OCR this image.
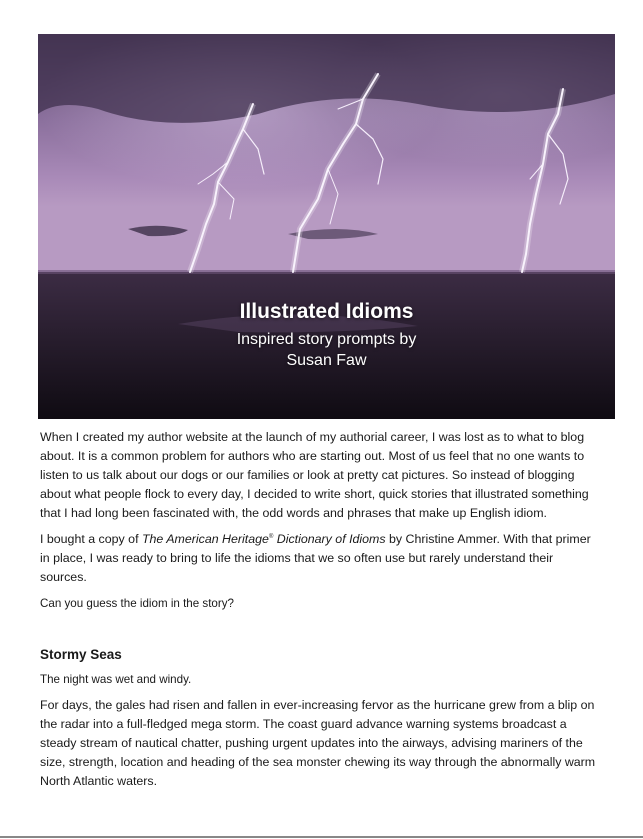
Illustrated Idioms
Inspired story prompts by
Susan Faw

When I created my author website at the launch of my authorial career, I was lost as to what to blog about. It is a common problem for authors who are starting out. Most of us feel that no one wants to listen to us talk about our dogs or our families or look at pretty cat pictures. So instead of blogging about what people flock to every day, I decided to write short, quick stories that illustrated something that I had long been fascinated with, the odd words and phrases that make up English idiom.

I bought a copy of The American Heritage® Dictionary of Idioms by Christine Ammer. With that primer in place, I was ready to bring to life the idioms that we so often use but rarely understand their sources.

Can you guess the idiom in the story?

Stormy Seas

The night was wet and windy.

For days, the gales had risen and fallen in ever-increasing fervor as the hurricane grew from a blip on the radar into a full-fledged mega storm. The coast guard advance warning systems broadcast a steady stream of nautical chatter, pushing urgent updates into the airways, advising mariners of the size, strength, location and heading of the sea monster chewing its way through the abnormally warm North Atlantic waters.
